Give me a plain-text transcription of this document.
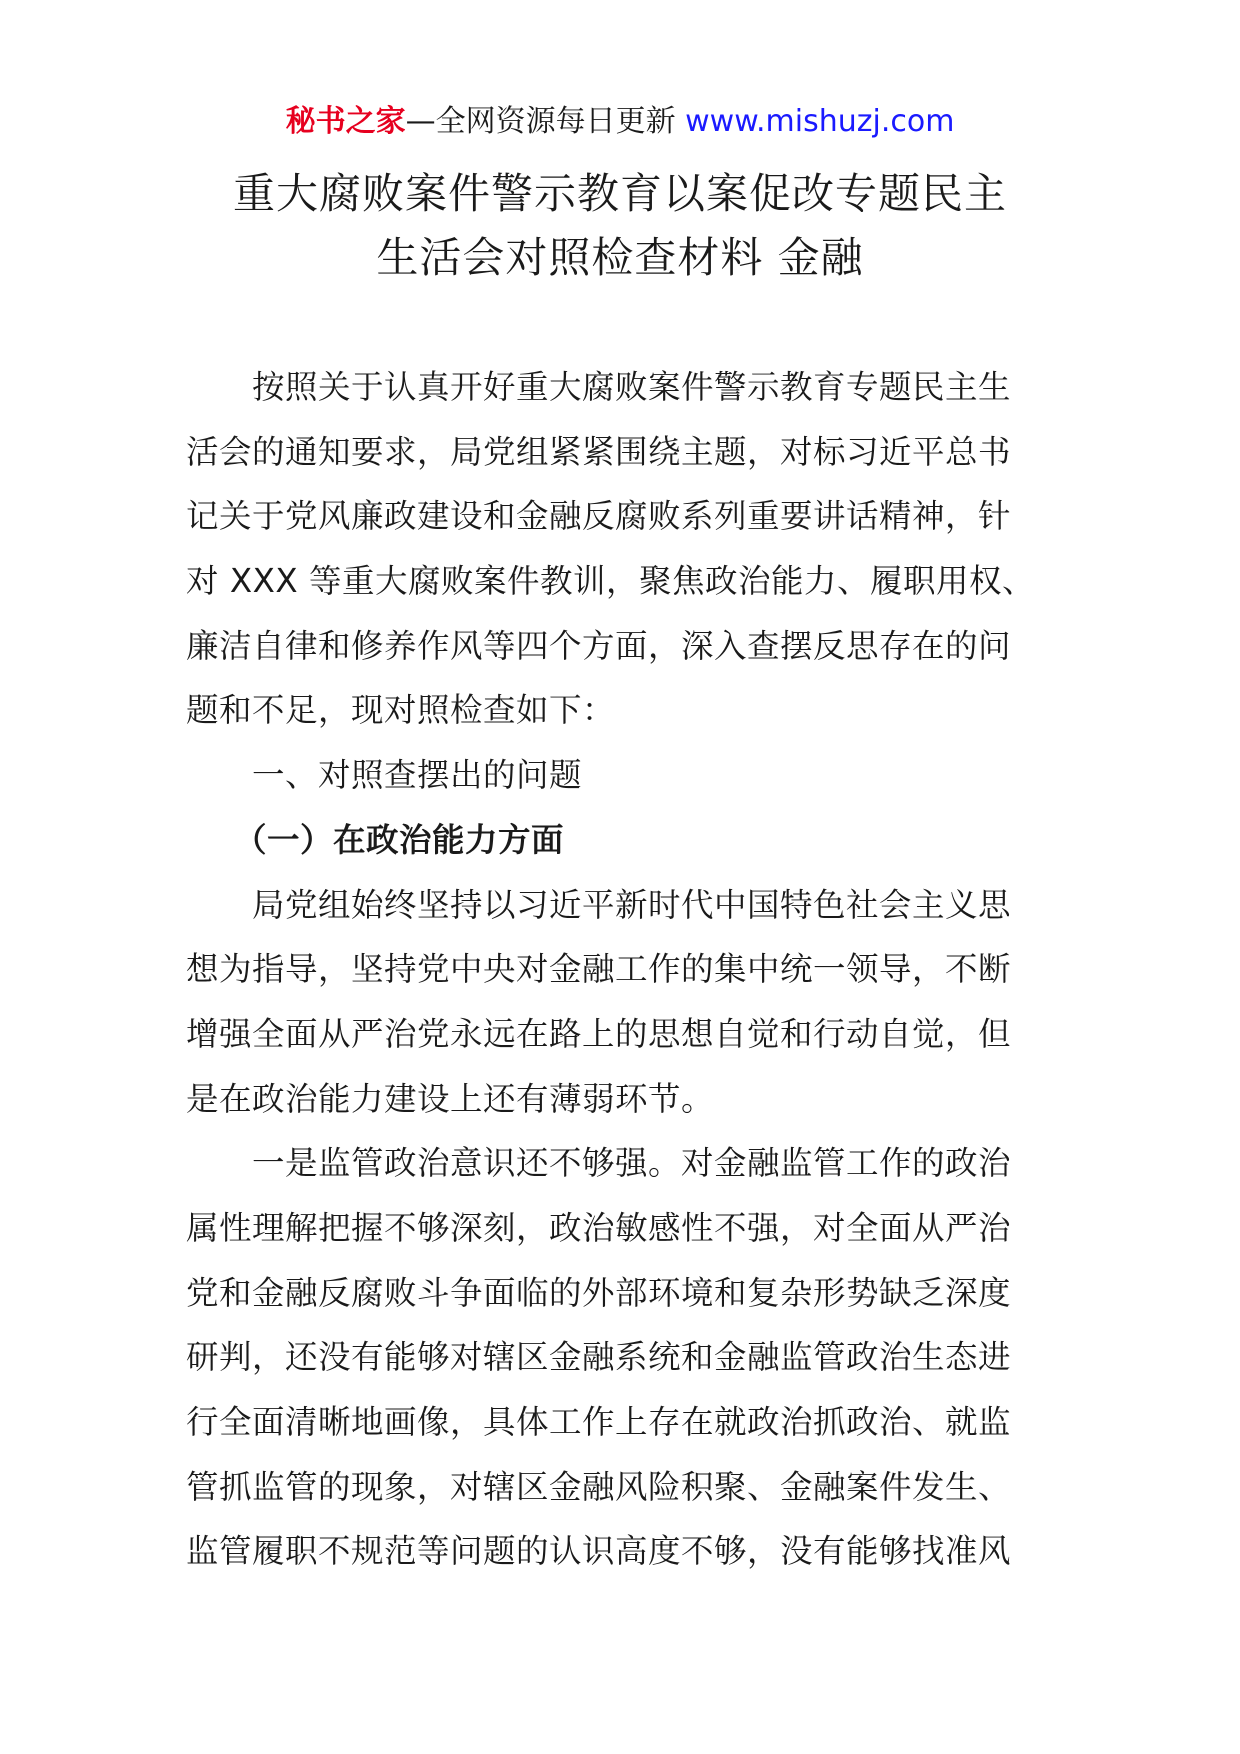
秘书之家—全网资源每日更新 www.mishuzj.com
重大腐败案件警示教育以案促改专题民主
生活会对照检查材料 金融
按照关于认真开好重大腐败案件警示教育专题民主生
活会的通知要求，局党组紧紧围绕主题，对标习近平总书
记关于党风廉政建设和金融反腐败系列重要讲话精神，针
对 XXX 等重大腐败案件教训，聚焦政治能力、履职用权、
廉洁自律和修养作风等四个方面，深入查摆反思存在的问
题和不足，现对照检查如下：
一、对照查摆出的问题
（一）在政治能力方面
局党组始终坚持以习近平新时代中国特色社会主义思
想为指导，坚持党中央对金融工作的集中统一领导，不断
增强全面从严治党永远在路上的思想自觉和行动自觉，但
是在政治能力建设上还有薄弱环节。
一是监管政治意识还不够强。对金融监管工作的政治
属性理解把握不够深刻，政治敏感性不强，对全面从严治
党和金融反腐败斗争面临的外部环境和复杂形势缺乏深度
研判，还没有能够对辖区金融系统和金融监管政治生态进
行全面清晰地画像，具体工作上存在就政治抓政治、就监
管抓监管的现象，对辖区金融风险积聚、金融案件发生、
监管履职不规范等问题的认识高度不够，没有能够找准风
